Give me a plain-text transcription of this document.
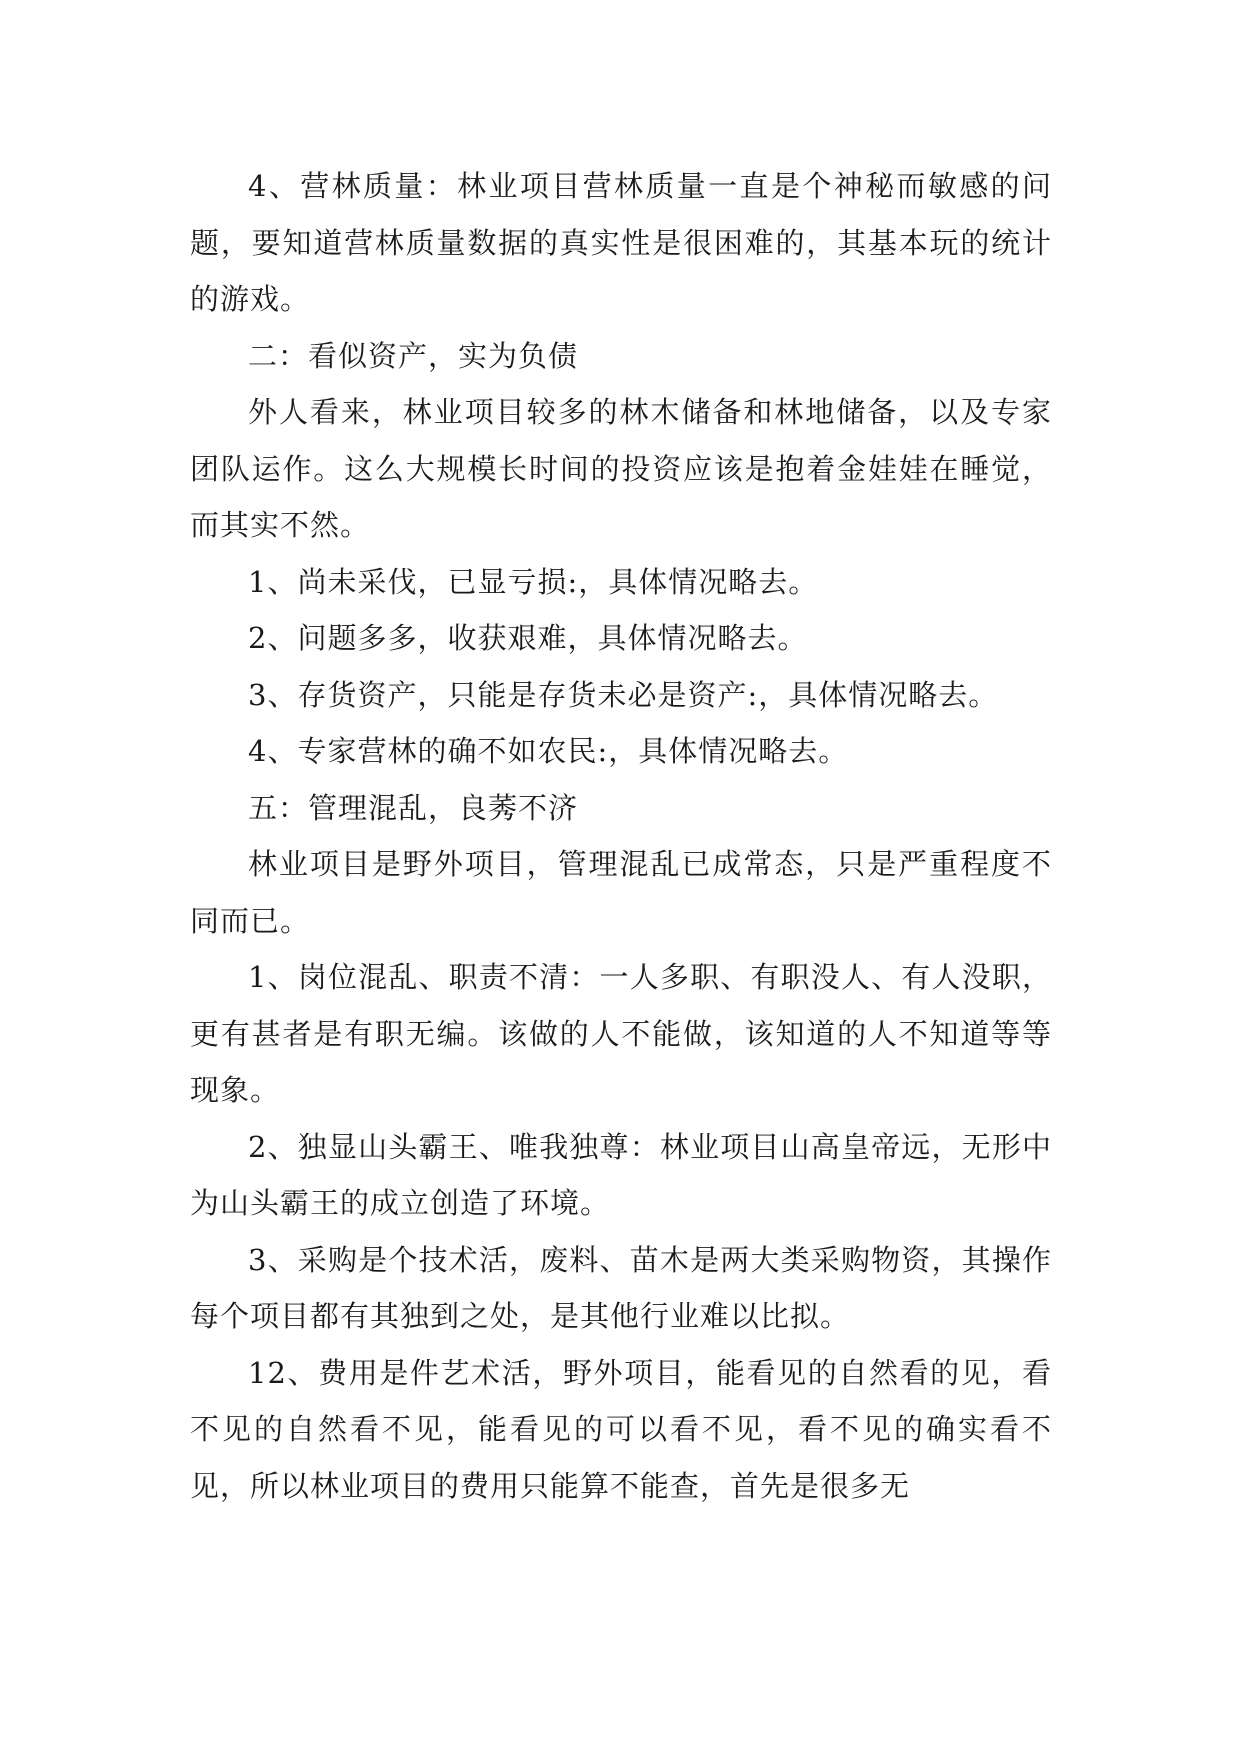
4、营林质量：林业项目营林质量一直是个神秘而敏感的问题，要知道营林质量数据的真实性是很困难的，其基本玩的统计的游戏。

二：看似资产，实为负债

外人看来，林业项目较多的林木储备和林地储备，以及专家团队运作。这么大规模长时间的投资应该是抱着金娃娃在睡觉，而其实不然。

1、尚未采伐，已显亏损:，具体情况略去。

2、问题多多，收获艰难，具体情况略去。

3、存货资产，只能是存货未必是资产:，具体情况略去。

4、专家营林的确不如农民:，具体情况略去。

五：管理混乱，良莠不济

林业项目是野外项目，管理混乱已成常态，只是严重程度不同而已。

1、岗位混乱、职责不清：一人多职、有职没人、有人没职，更有甚者是有职无编。该做的人不能做，该知道的人不知道等等现象。

2、独显山头霸王、唯我独尊：林业项目山高皇帝远，无形中为山头霸王的成立创造了环境。

3、采购是个技术活，废料、苗木是两大类采购物资，其操作每个项目都有其独到之处，是其他行业难以比拟。

12、费用是件艺术活，野外项目，能看见的自然看的见，看不见的自然看不见，能看见的可以看不见，看不见的确实看不见，所以林业项目的费用只能算不能查，首先是很多无
